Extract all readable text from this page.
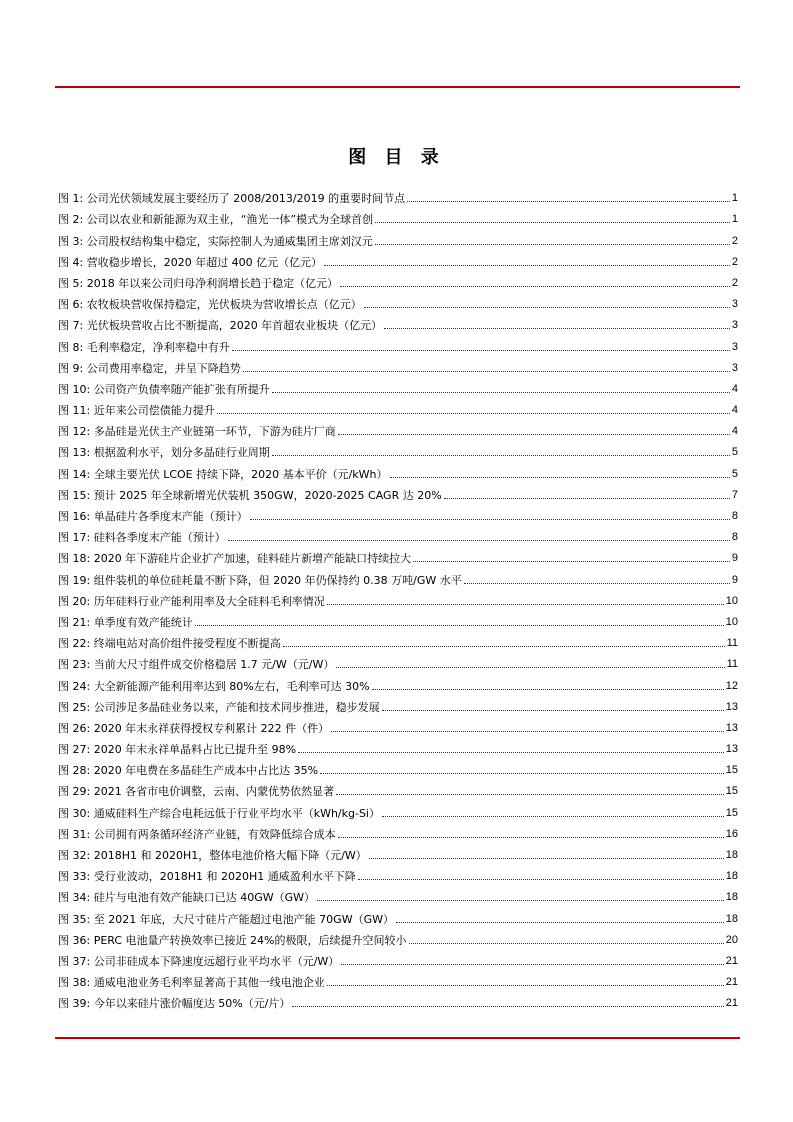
图 目 录
图 1: 公司光伏领域发展主要经历了 2008/2013/2019 的重要时间节点	1
图 2: 公司以农业和新能源为双主业，“渔光一体”模式为全球首创	1
图 3: 公司股权结构集中稳定，实际控制人为通威集团主席刘汉元	2
图 4: 营收稳步增长，2020 年超过 400 亿元（亿元）	2
图 5: 2018 年以来公司归母净利润增长趋于稳定（亿元）	2
图 6: 农牧板块营收保持稳定，光伏板块为营收增长点（亿元）	3
图 7: 光伏板块营收占比不断提高，2020 年首超农业板块（亿元）	3
图 8: 毛利率稳定，净利率稳中有升	3
图 9: 公司费用率稳定，并呈下降趋势	3
图 10: 公司资产负债率随产能扩张有所提升	4
图 11: 近年来公司偿债能力提升	4
图 12: 多晶硅是光伏主产业链第一环节，下游为硅片厂商	4
图 13: 根据盈利水平，划分多晶硅行业周期	5
图 14: 全球主要光伏 LCOE 持续下降，2020 基本平价（元/kWh）	5
图 15: 预计 2025 年全球新增光伏装机 350GW，2020-2025 CAGR 达 20%	7
图 16: 单晶硅片各季度末产能（预计）	8
图 17: 硅料各季度末产能（预计）	8
图 18: 2020 年下游硅片企业扩产加速，硅料硅片新增产能缺口持续拉大	9
图 19: 组件装机的单位硅耗量不断下降，但 2020 年仍保持约 0.38 万吨/GW 水平	9
图 20: 历年硅料行业产能利用率及大全硅料毛利率情况	10
图 21: 单季度有效产能统计	10
图 22: 终端电站对高价组件接受程度不断提高	11
图 23: 当前大尺寸组件成交价格稳居 1.7 元/W（元/W）	11
图 24: 大全新能源产能利用率达到 80%左右，毛利率可达 30%	12
图 25: 公司涉足多晶硅业务以来，产能和技术同步推进，稳步发展	13
图 26: 2020 年末永祥获得授权专利累计 222 件（件）	13
图 27: 2020 年末永祥单晶料占比已提升至 98%	13
图 28: 2020 年电费在多晶硅生产成本中占比达 35%	15
图 29: 2021 各省市电价调整，云南、内蒙优势依然显著	15
图 30: 通威硅料生产综合电耗远低于行业平均水平（kWh/kg-Si）	15
图 31: 公司拥有两条循环经济产业链，有效降低综合成本	16
图 32: 2018H1 和 2020H1，整体电池价格大幅下降（元/W）	18
图 33: 受行业波动，2018H1 和 2020H1 通威盈利水平下降	18
图 34: 硅片与电池有效产能缺口已达 40GW（GW）	18
图 35: 至 2021 年底，大尺寸硅片产能超过电池产能 70GW（GW）	18
图 36: PERC 电池量产转换效率已接近 24%的极限，后续提升空间较小	20
图 37: 公司非硅成本下降速度远超行业平均水平（元/W）	21
图 38: 通威电池业务毛利率显著高于其他一线电池企业	21
图 39: 今年以来硅片涨价幅度达 50%（元/片）	21
